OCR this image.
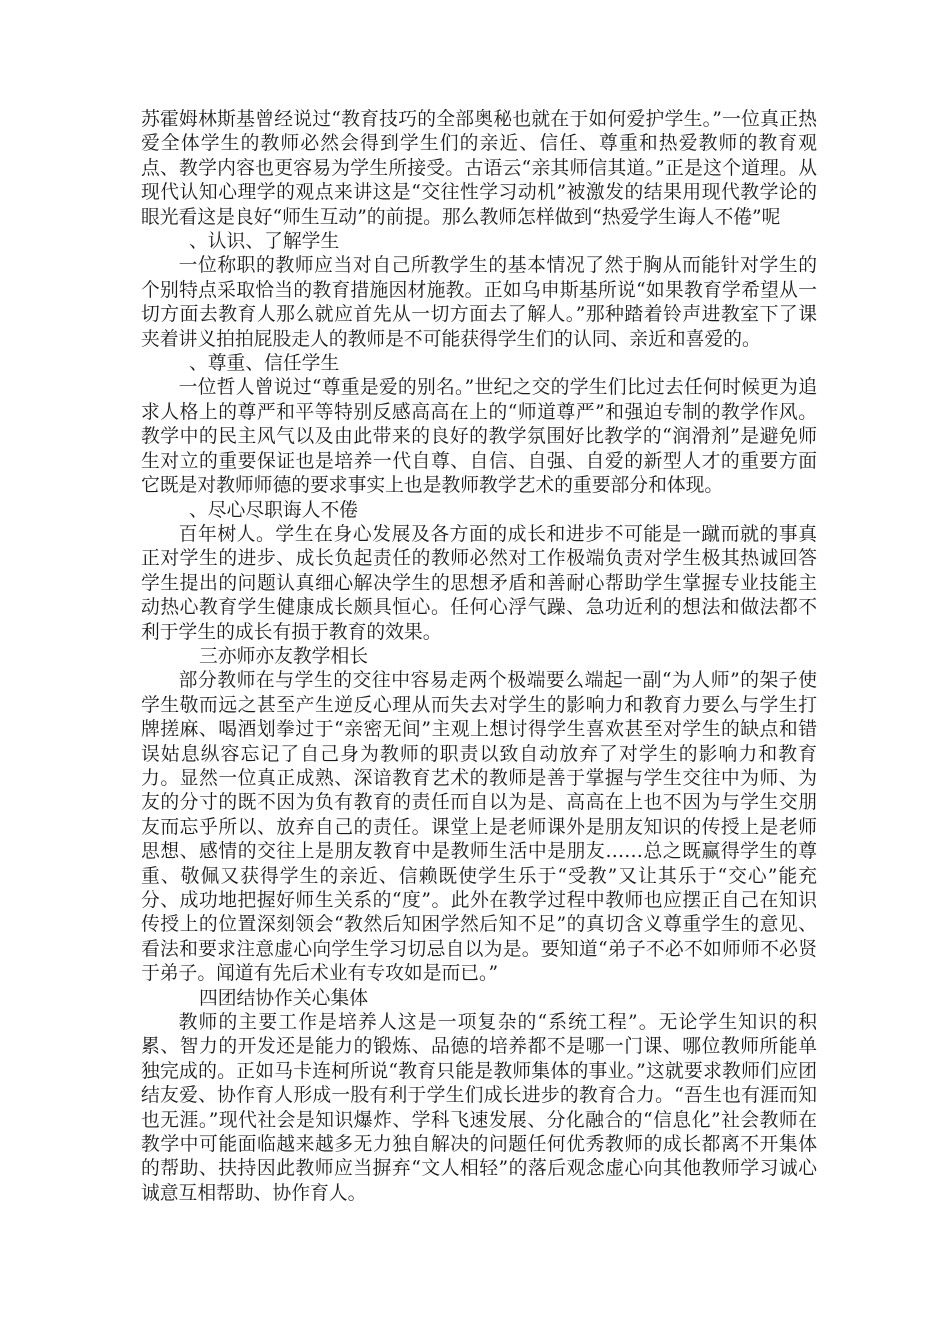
苏霍姆林斯基曾经说过“教育技巧的全部奥秘也就在于如何爱护学生。”一位真正热爱全体学生的教师必然会得到学生们的亲近、信任、尊重和热爱教师的教育观点、教学内容也更容易为学生所接受。古语云“亲其师信其道。”正是这个道理。从现代认知心理学的观点来讲这是“交往性学习动机”被激发的结果用现代教学论的眼光看这是良好“师生互动”的前提。那么教师怎样做到“热爱学生诲人不倦”呢

、认识、了解学生

一位称职的教师应当对自己所教学生的基本情况了然于胸从而能针对学生的个别特点采取恰当的教育措施因材施教。正如乌申斯基所说“如果教育学希望从一切方面去教育人那么就应首先从一切方面去了解人。”那种踏着铃声进教室下了课夹着讲义拍拍屁股走人的教师是不可能获得学生们的认同、亲近和喜爱的。

、尊重、信任学生

一位哲人曾说过“尊重是爱的别名。”世纪之交的学生们比过去任何时候更为追求人格上的尊严和平等特别反感高高在上的“师道尊严”和强迫专制的教学作风。教学中的民主风气以及由此带来的良好的教学氛围好比教学的“润滑剂”是避免师生对立的重要保证也是培养一代自尊、自信、自强、自爱的新型人才的重要方面它既是对教师师德的要求事实上也是教师教学艺术的重要部分和体现。

、尽心尽职诲人不倦

百年树人。学生在身心发展及各方面的成长和进步不可能是一蹴而就的事真正对学生的进步、成长负起责任的教师必然对工作极端负责对学生极其热诚回答学生提出的问题认真细心解决学生的思想矛盾和善耐心帮助学生掌握专业技能主动热心教育学生健康成长颇具恒心。任何心浮气躁、急功近利的想法和做法都不利于学生的成长有损于教育的效果。

三亦师亦友教学相长

部分教师在与学生的交往中容易走两个极端要么端起一副“为人师”的架子使学生敬而远之甚至产生逆反心理从而失去对学生的影响力和教育力要么与学生打牌搓麻、喝酒划拳过于“亲密无间”主观上想讨得学生喜欢甚至对学生的缺点和错误姑息纵容忘记了自己身为教师的职责以致自动放弃了对学生的影响力和教育力。显然一位真正成熟、深谙教育艺术的教师是善于掌握与学生交往中为师、为友的分寸的既不因为负有教育的责任而自以为是、高高在上也不因为与学生交朋友而忘乎所以、放弃自己的责任。课堂上是老师课外是朋友知识的传授上是老师思想、感情的交往上是朋友教育中是教师生活中是朋友……总之既赢得学生的尊重、敬佩又获得学生的亲近、信赖既使学生乐于“受教”又让其乐于“交心”能充分、成功地把握好师生关系的“度”。此外在教学过程中教师也应摆正自己在知识传授上的位置深刻领会“教然后知困学然后知不足”的真切含义尊重学生的意见、看法和要求注意虚心向学生学习切忌自以为是。要知道“弟子不必不如师师不必贤于弟子。闻道有先后术业有专攻如是而已。”

四团结协作关心集体

教师的主要工作是培养人这是一项复杂的“系统工程”。无论学生知识的积累、智力的开发还是能力的锻炼、品德的培养都不是哪一门课、哪位教师所能单独完成的。正如马卡连柯所说“教育只能是教师集体的事业。”这就要求教师们应团结友爱、协作育人形成一股有利于学生们成长进步的教育合力。“吾生也有涯而知也无涯。”现代社会是知识爆炸、学科飞速发展、分化融合的“信息化”社会教师在教学中可能面临越来越多无力独自解决的问题任何优秀教师的成长都离不开集体的帮助、扶持因此教师应当摒弃“文人相轻”的落后观念虚心向其他教师学习诚心诚意互相帮助、协作育人。
